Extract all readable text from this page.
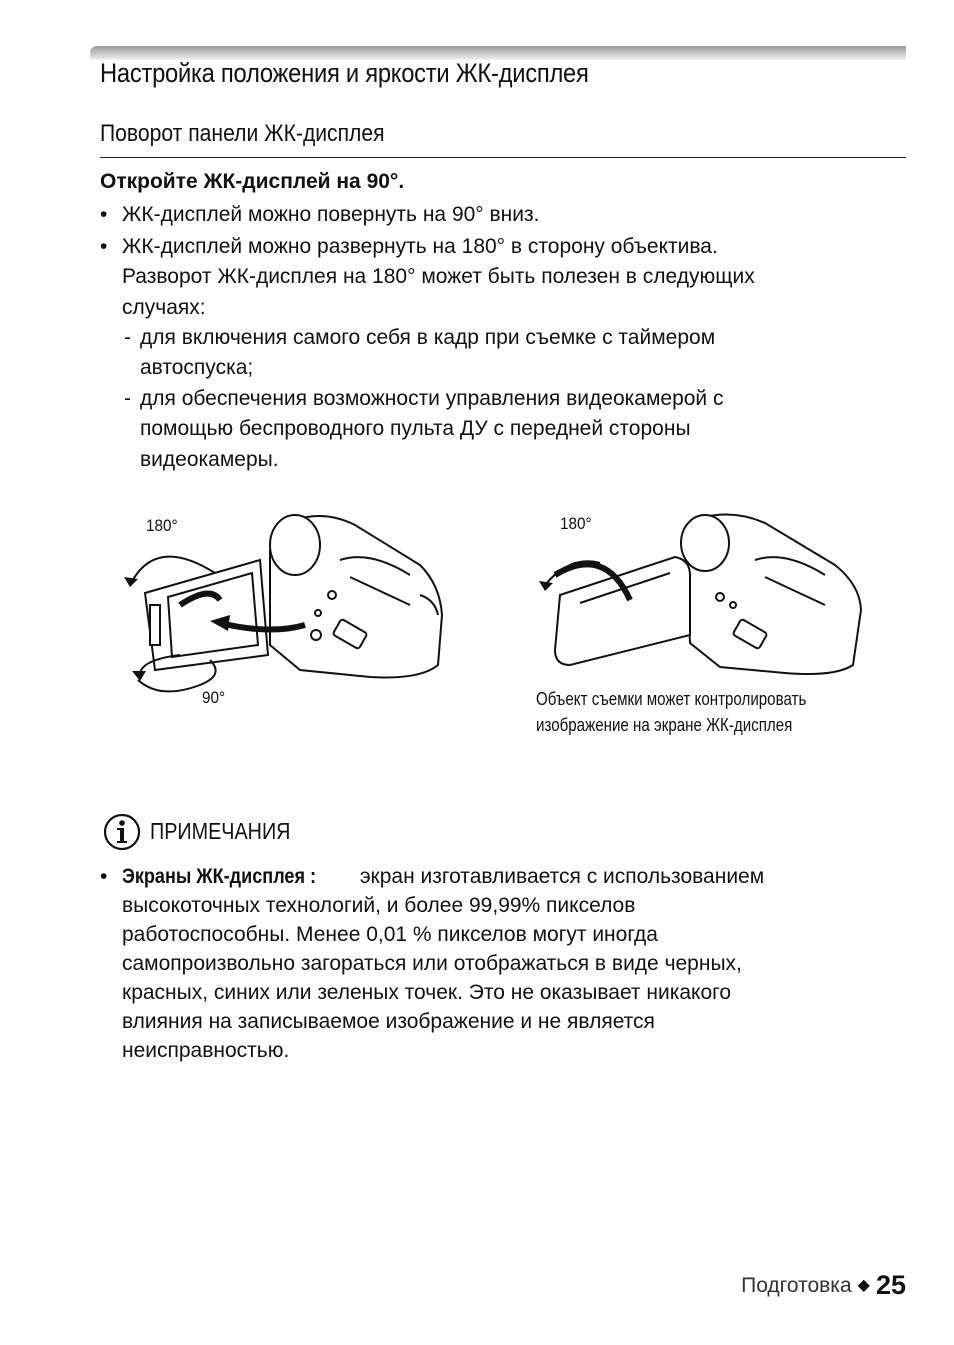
Настройка положения и яркости ЖК-дисплея
Поворот панели ЖК-дисплея
Откройте ЖК-дисплей на 90°.
• ЖК-дисплей можно повернуть на 90° вниз.
• ЖК-дисплей можно развернуть на 180° в сторону объектива.
Разворот ЖК-дисплея на 180° может быть полезен в следующих
случаях:
- для включения самого себя в кадр при съемке с таймером
автоспуска;
- для обеспечения возможности управления видеокамерой с
помощью беспроводного пульта ДУ с передней стороны
видеокамеры.
180°
90°
180°
Объект съемки может контролировать
изображение на экране ЖК-дисплея
ПРИМЕЧАНИЯ
• Экраны ЖК-дисплея : экран изготавливается с использованием
высокоточных технологий, и более 99,99% пикселов
работоспособны. Менее 0,01 % пикселов могут иногда
самопроизвольно загораться или отображаться в виде черных,
красных, синих или зеленых точек. Это не оказывает никакого
влияния на записываемое изображение и не является
неисправностью.
Подготовка ◆ 25
